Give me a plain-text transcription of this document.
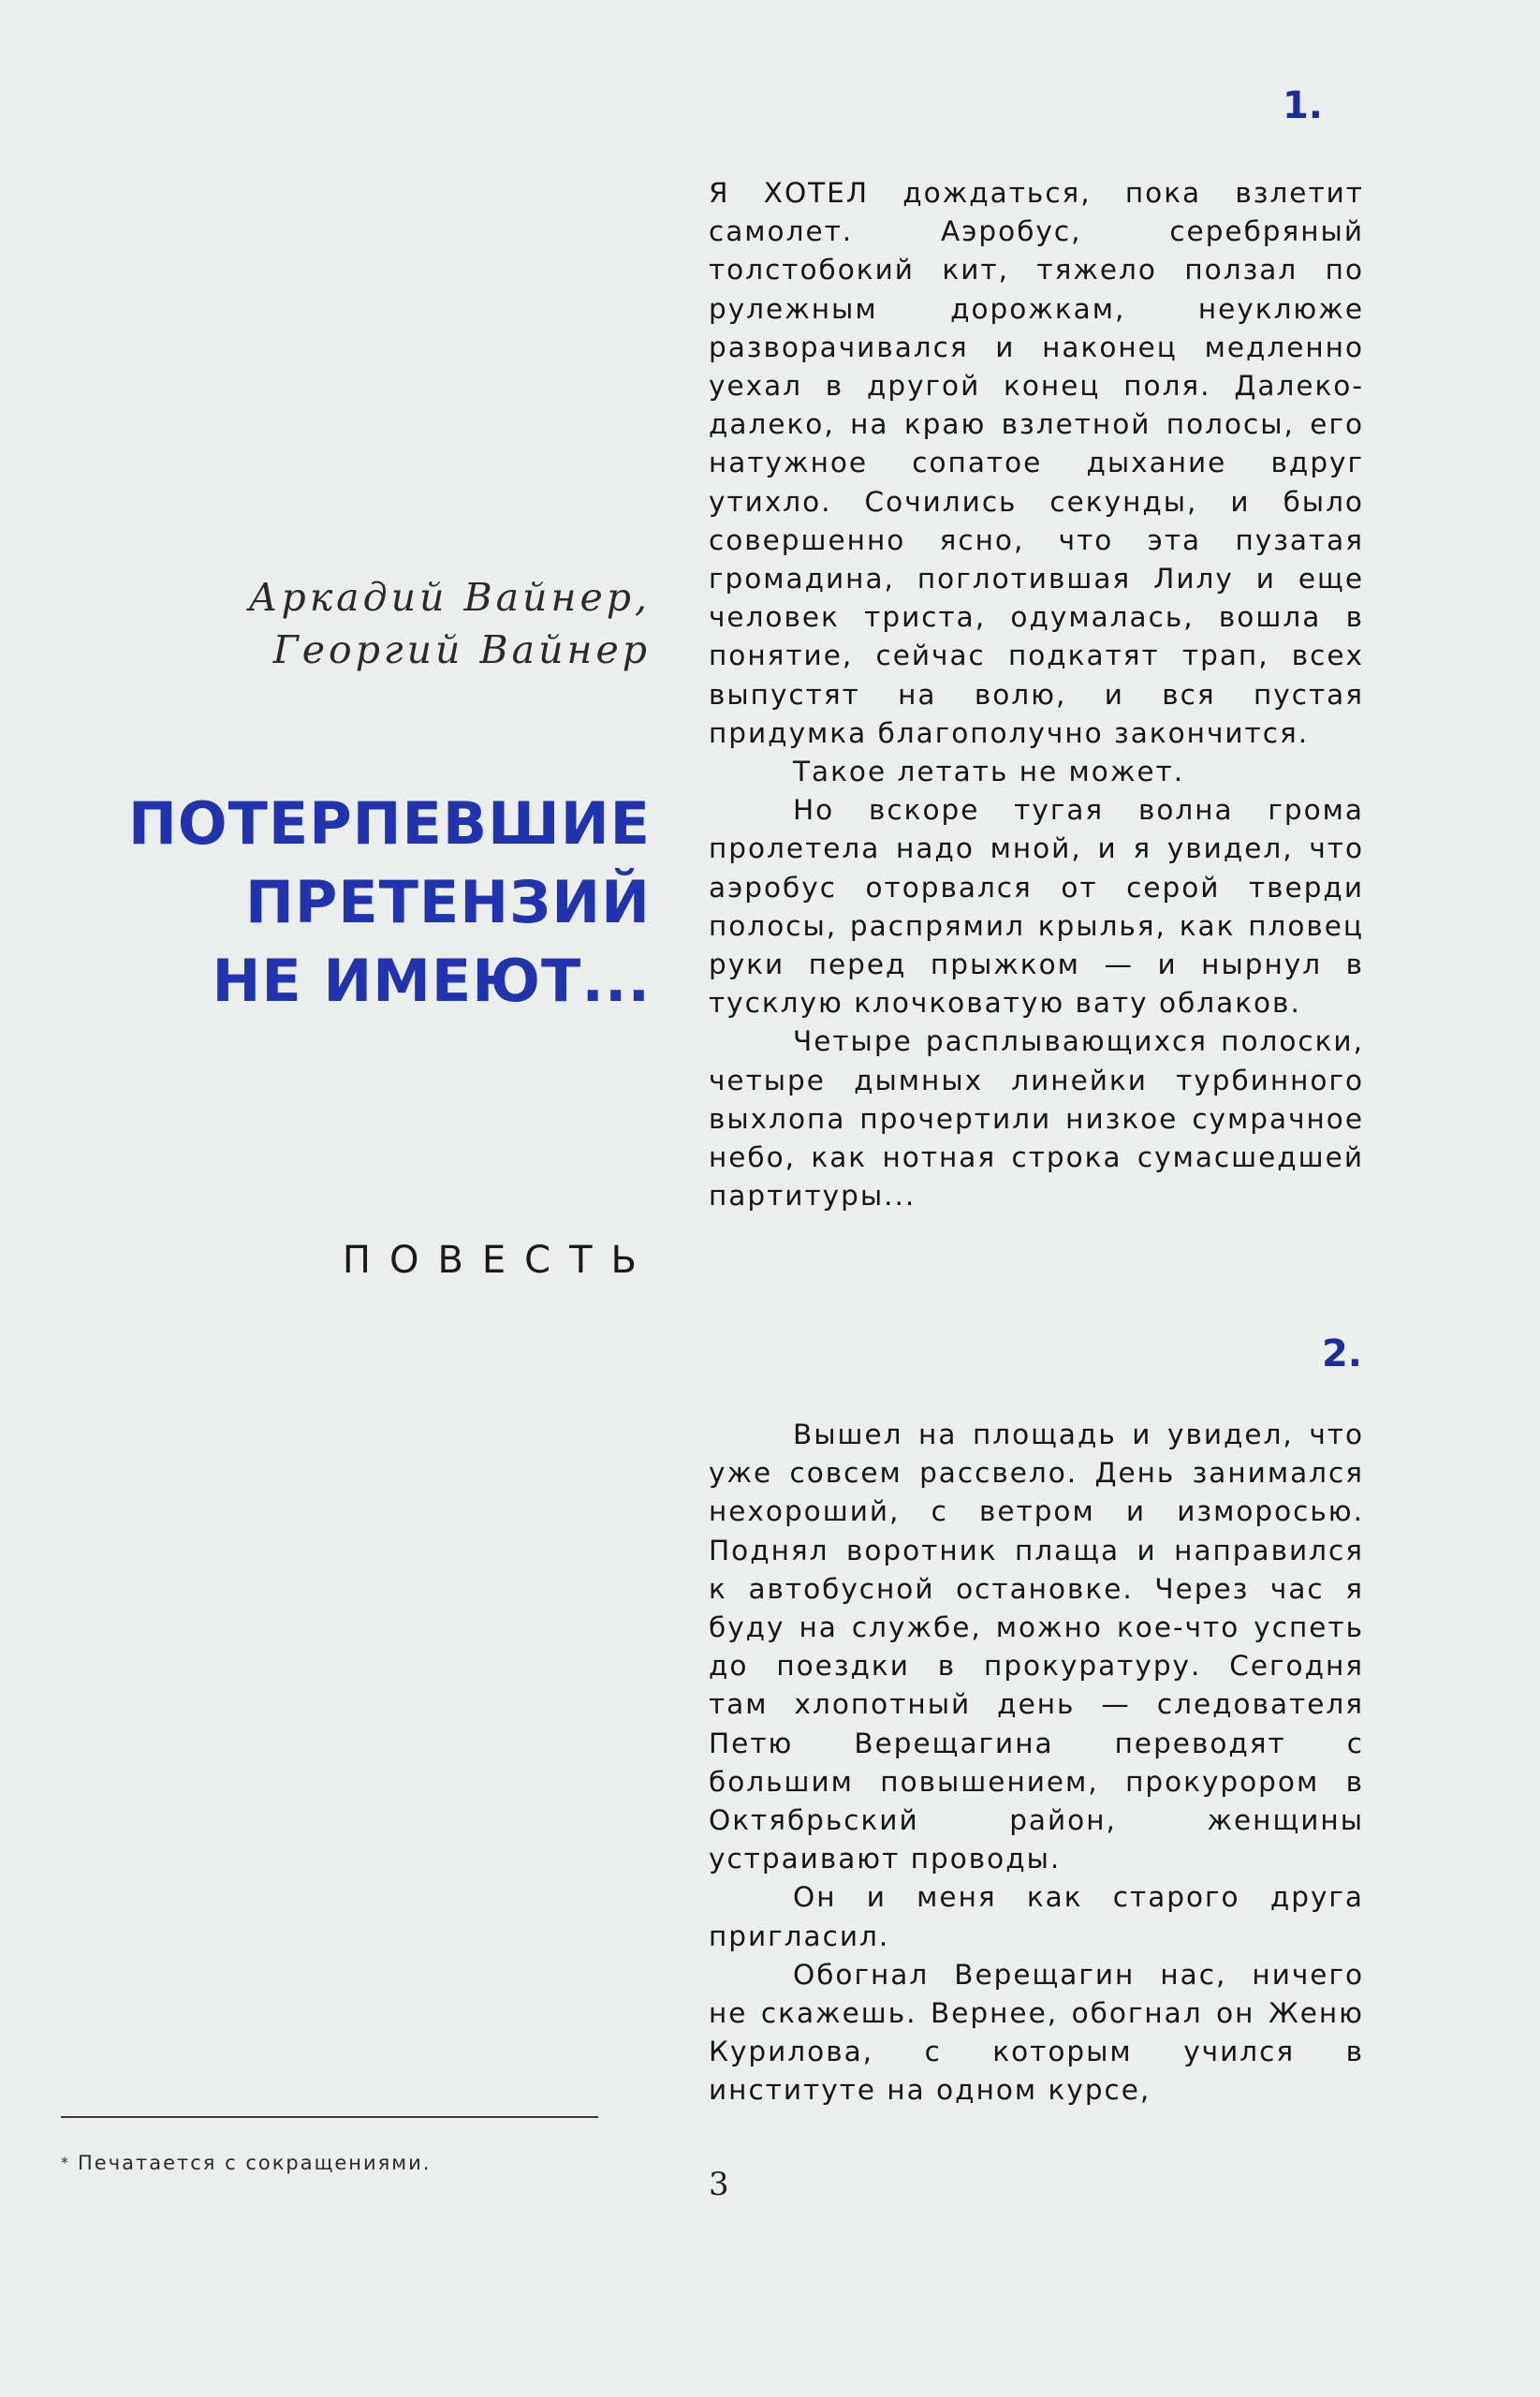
Аркадий Вайнер,
Георгий Вайнер
ПОТЕРПЕВШИЕ
ПРЕТЕНЗИЙ
НЕ ИМЕЮТ...
ПОВЕСТЬ
* Печатается с сокращениями.
1.

Я ХОТЕЛ дождаться, пока взлетит самолет. Аэробус, серебряный толстобокий кит, тяжело ползал по рулежным дорожкам, неуклюже разворачивался и наконец медленно уехал в другой конец поля. Далеко-далеко, на краю взлетной полосы, его натужное сопатое дыхание вдруг утихло. Сочились секунды, и было совершенно ясно, что эта пузатая громадина, поглотившая Лилу и еще человек триста, одумалась, вошла в понятие, сейчас подкатят трап, всех выпустят на волю, и вся пустая придумка благополучно закончится.

Такое летать не может.

Но вскоре тугая волна грома пролетела надо мной, и я увидел, что аэробус оторвался от серой тверди полосы, распрямил крылья, как пловец руки перед прыжком — и нырнул в тусклую клочковатую вату облаков.

Четыре расплывающихся полоски, четыре дымных линейки турбинного выхлопа прочертили низкое сумрачное небо, как нотная строка сумасшедшей партитуры...

2.

Вышел на площадь и увидел, что уже совсем рассвело. День занимался нехороший, с ветром и изморосью. Поднял воротник плаща и направился к автобусной остановке. Через час я буду на службе, можно кое-что успеть до поездки в прокуратуру. Сегодня там хлопотный день — следователя Петю Верещагина переводят с большим повышением, прокурором в Октябрьский район, женщины устраивают проводы.

Он и меня как старого друга пригласил.

Обогнал Верещагин нас, ничего не скажешь. Вернее, обогнал он Женю Курилова, с которым учился в институте на одном курсе,

3
